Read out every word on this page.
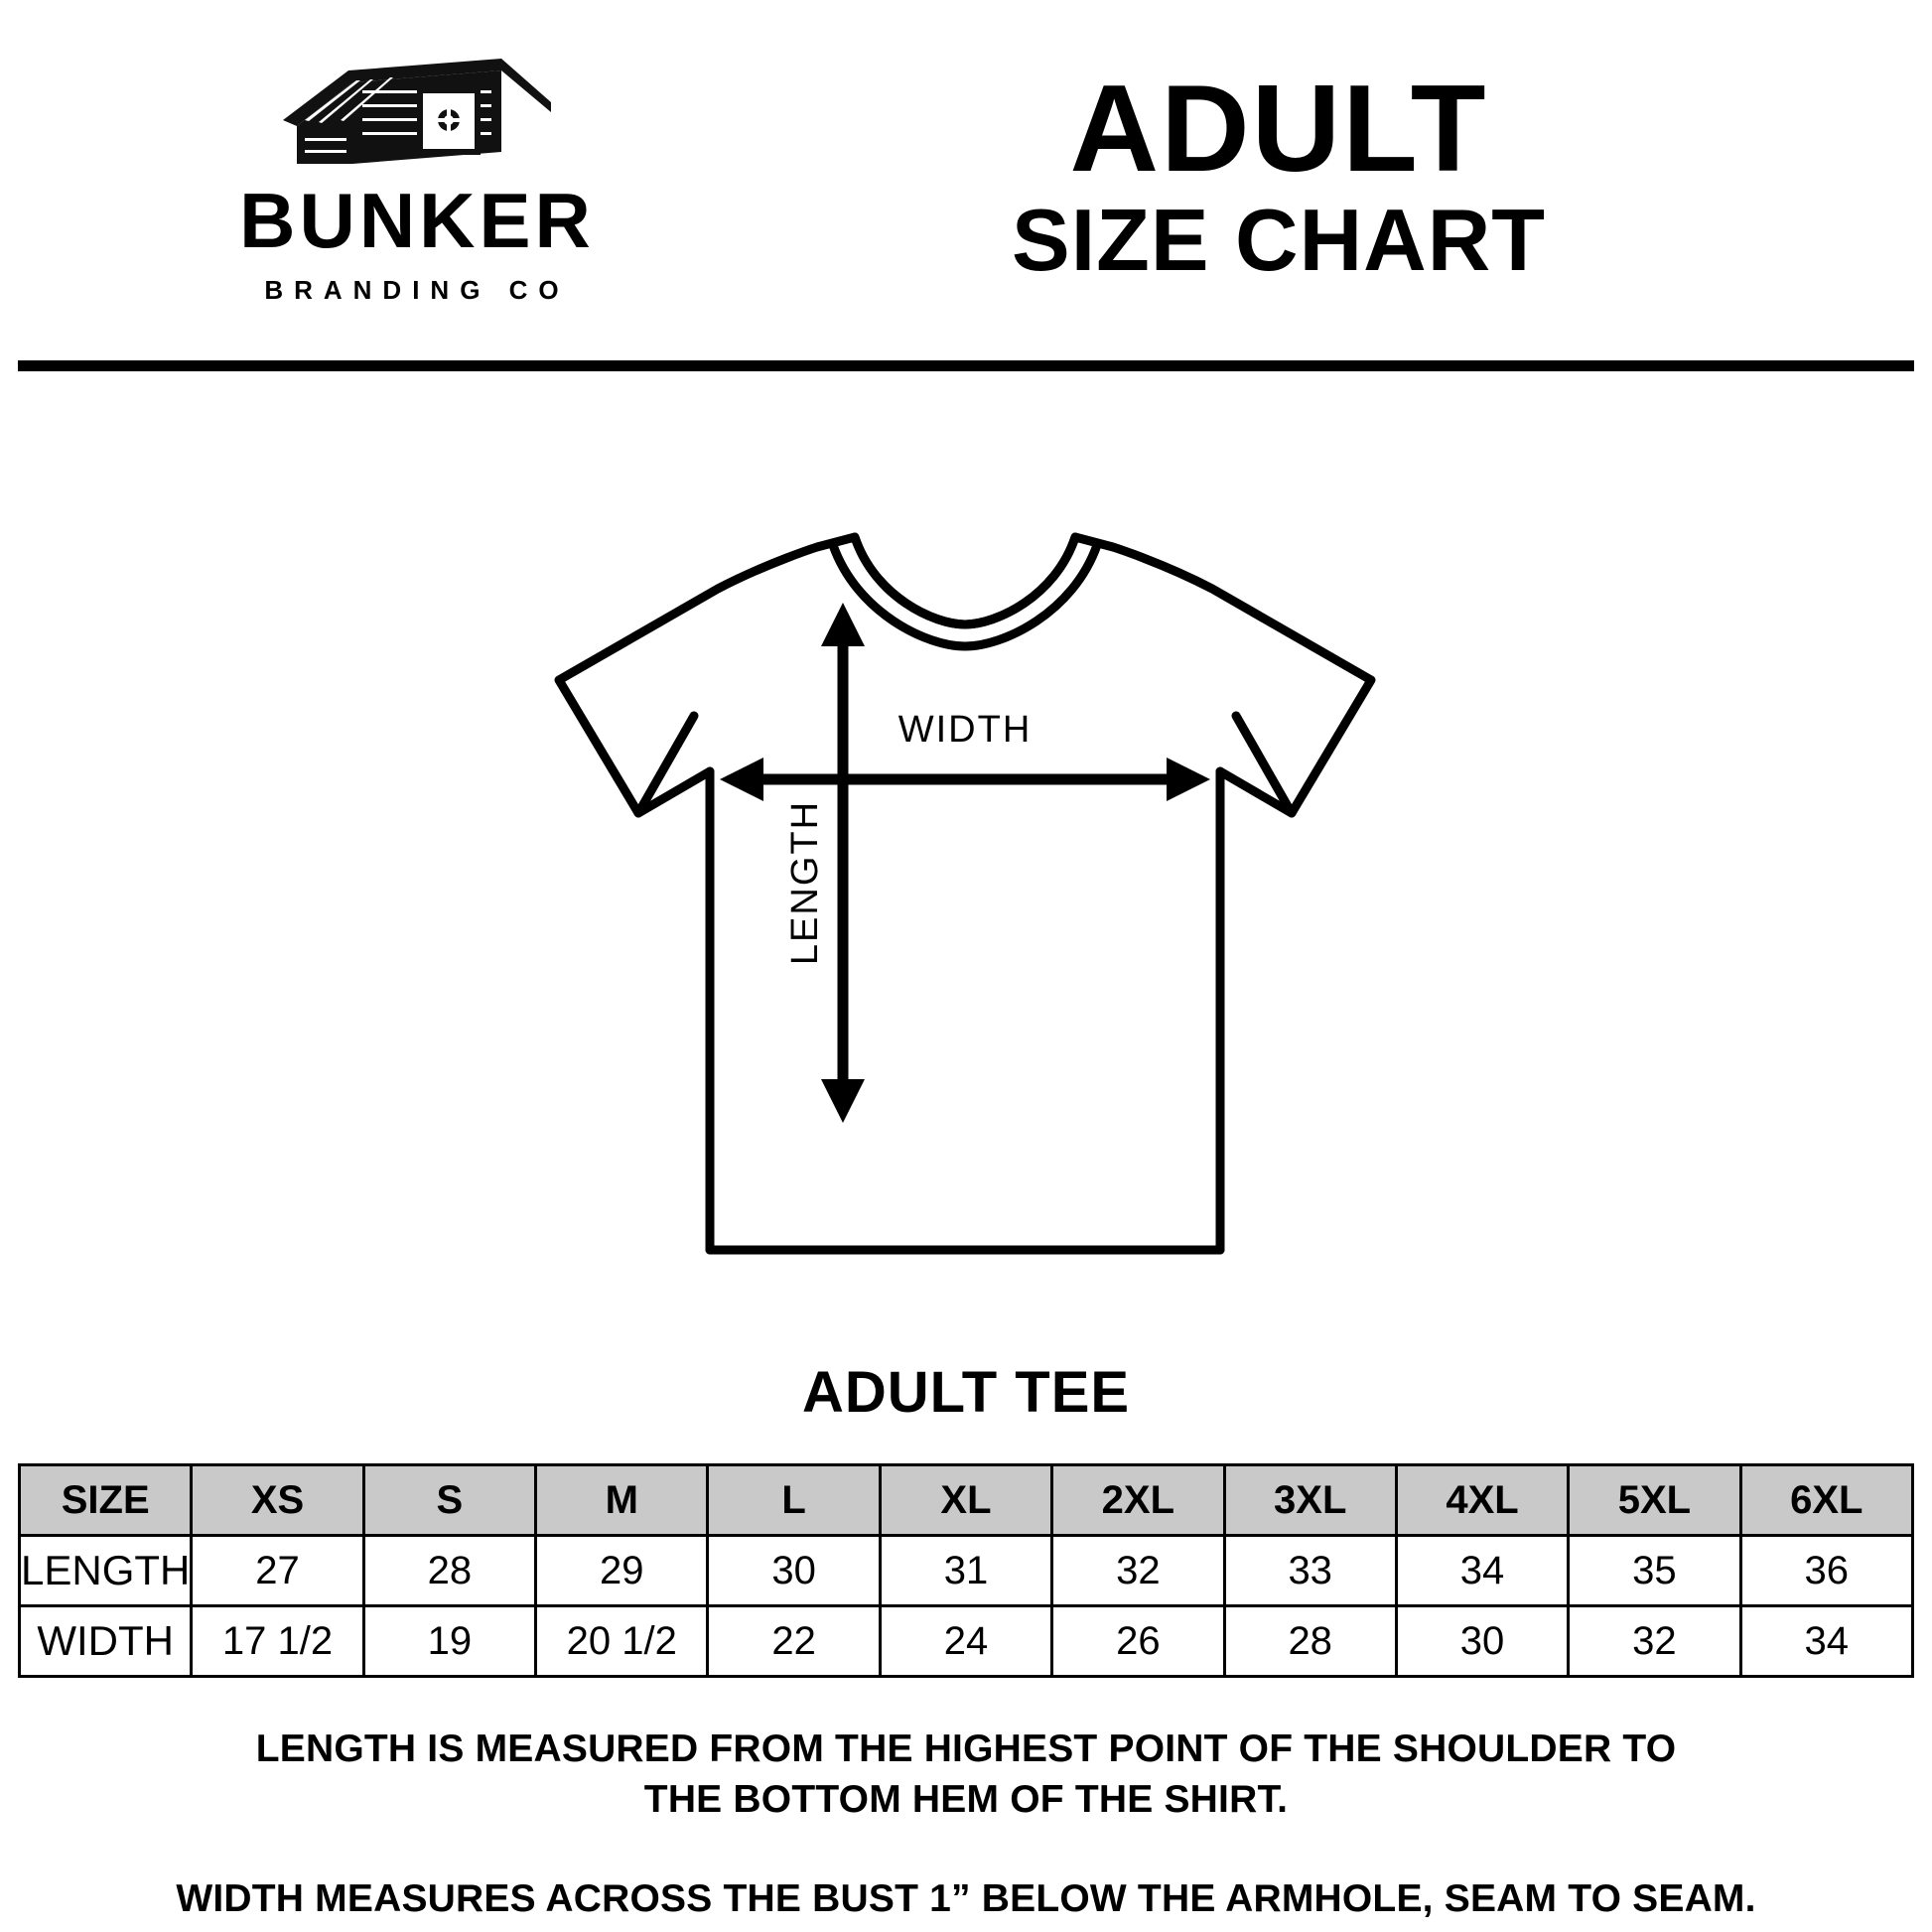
BUNKER
BRANDING CO
ADULT
SIZE CHART
WIDTH
LENGTH
ADULT TEE
SIZE	XS	S	M	L	XL	2XL	3XL	4XL	5XL	6XL
LENGTH	27	28	29	30	31	32	33	34	35	36
WIDTH	17 1/2	19	20 1/2	22	24	26	28	30	32	34
LENGTH IS MEASURED FROM THE HIGHEST POINT OF THE SHOULDER TO
THE BOTTOM HEM OF THE SHIRT.
WIDTH MEASURES ACROSS THE BUST 1” BELOW THE ARMHOLE, SEAM TO SEAM.
